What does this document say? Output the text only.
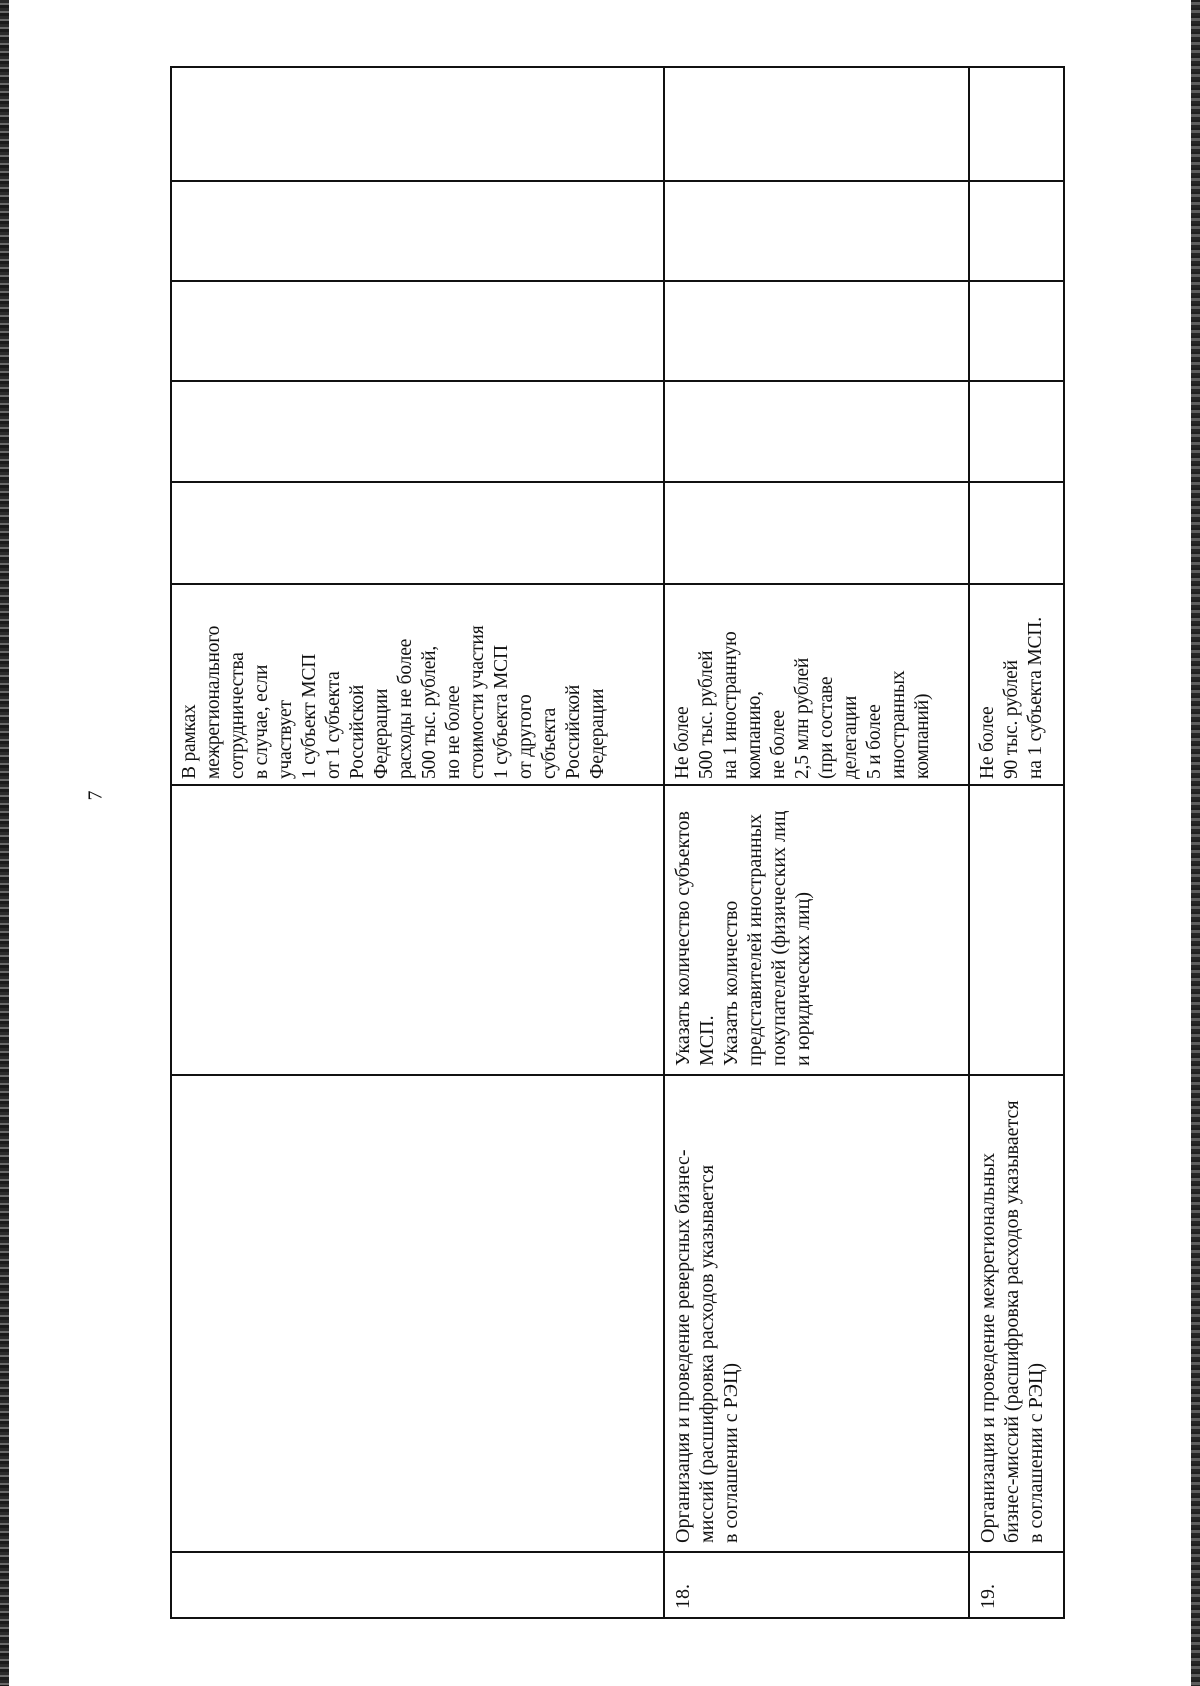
7
В рамках
межрегионального
сотрудничества
в случае, если
участвует
1 субъект МСП
от 1 субъекта
Российской
Федерации
расходы не более
500 тыс. рублей,
но не более
стоимости участия
1 субъекта МСП
от другого
субъекта
Российской
Федерации
18.
Организация и проведение реверсных бизнес-
миссий (расшифровка расходов указывается
в соглашении с РЭЦ)
Указать количество субъектов
МСП.
Указать количество
представителей иностранных
покупателей (физических лиц
и юридических лиц)
Не более
500 тыс. рублей
на 1 иностранную
компанию,
не более
2,5 млн рублей
(при составе
делегации
5 и более
иностранных
компаний)
19.
Организация и проведение межрегиональных
бизнес-миссий (расшифровка расходов указывается
в соглашении с РЭЦ)
Не более
90 тыс. рублей
на 1 субъекта МСП.
